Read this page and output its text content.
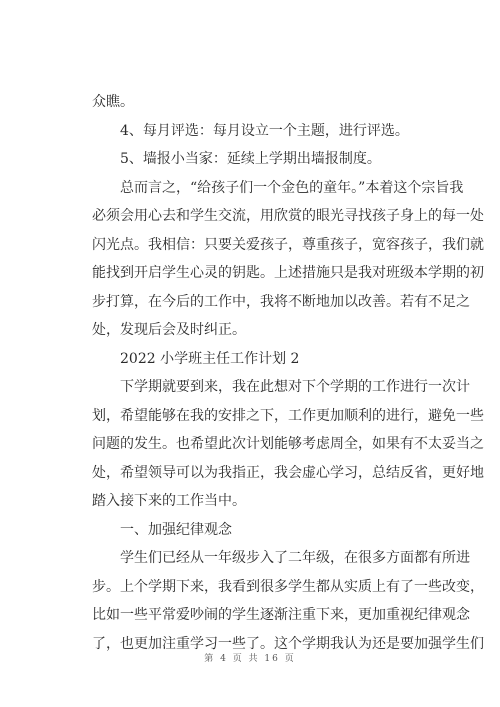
众瞧。
4、每月评选：每月设立一个主题，进行评选。
5、墙报小当家：延续上学期出墙报制度。
总而言之，“给孩子们一个金色的童年。”本着这个宗旨我
必须会用心去和学生交流，用欣赏的眼光寻找孩子身上的每一处
闪光点。我相信：只要关爱孩子，尊重孩子，宽容孩子，我们就
能找到开启学生心灵的钥匙。上述措施只是我对班级本学期的初
步打算，在今后的工作中，我将不断地加以改善。若有不足之
处，发现后会及时纠正。
2022 小学班主任工作计划 2
下学期就要到来，我在此想对下个学期的工作进行一次计
划，希望能够在我的安排之下，工作更加顺利的进行，避免一些
问题的发生。也希望此次计划能够考虑周全，如果有不太妥当之
处，希望领导可以为我指正，我会虚心学习，总结反省，更好地
踏入接下来的工作当中。
一、加强纪律观念
学生们已经从一年级步入了二年级，在很多方面都有所进
步。上个学期下来，我看到很多学生都从实质上有了一些改变，
比如一些平常爱吵闹的学生逐渐注重下来，更加重视纪律观念
了，也更加注重学习一些了。这个学期我认为还是要加强学生们
第 4 页 共 16 页
